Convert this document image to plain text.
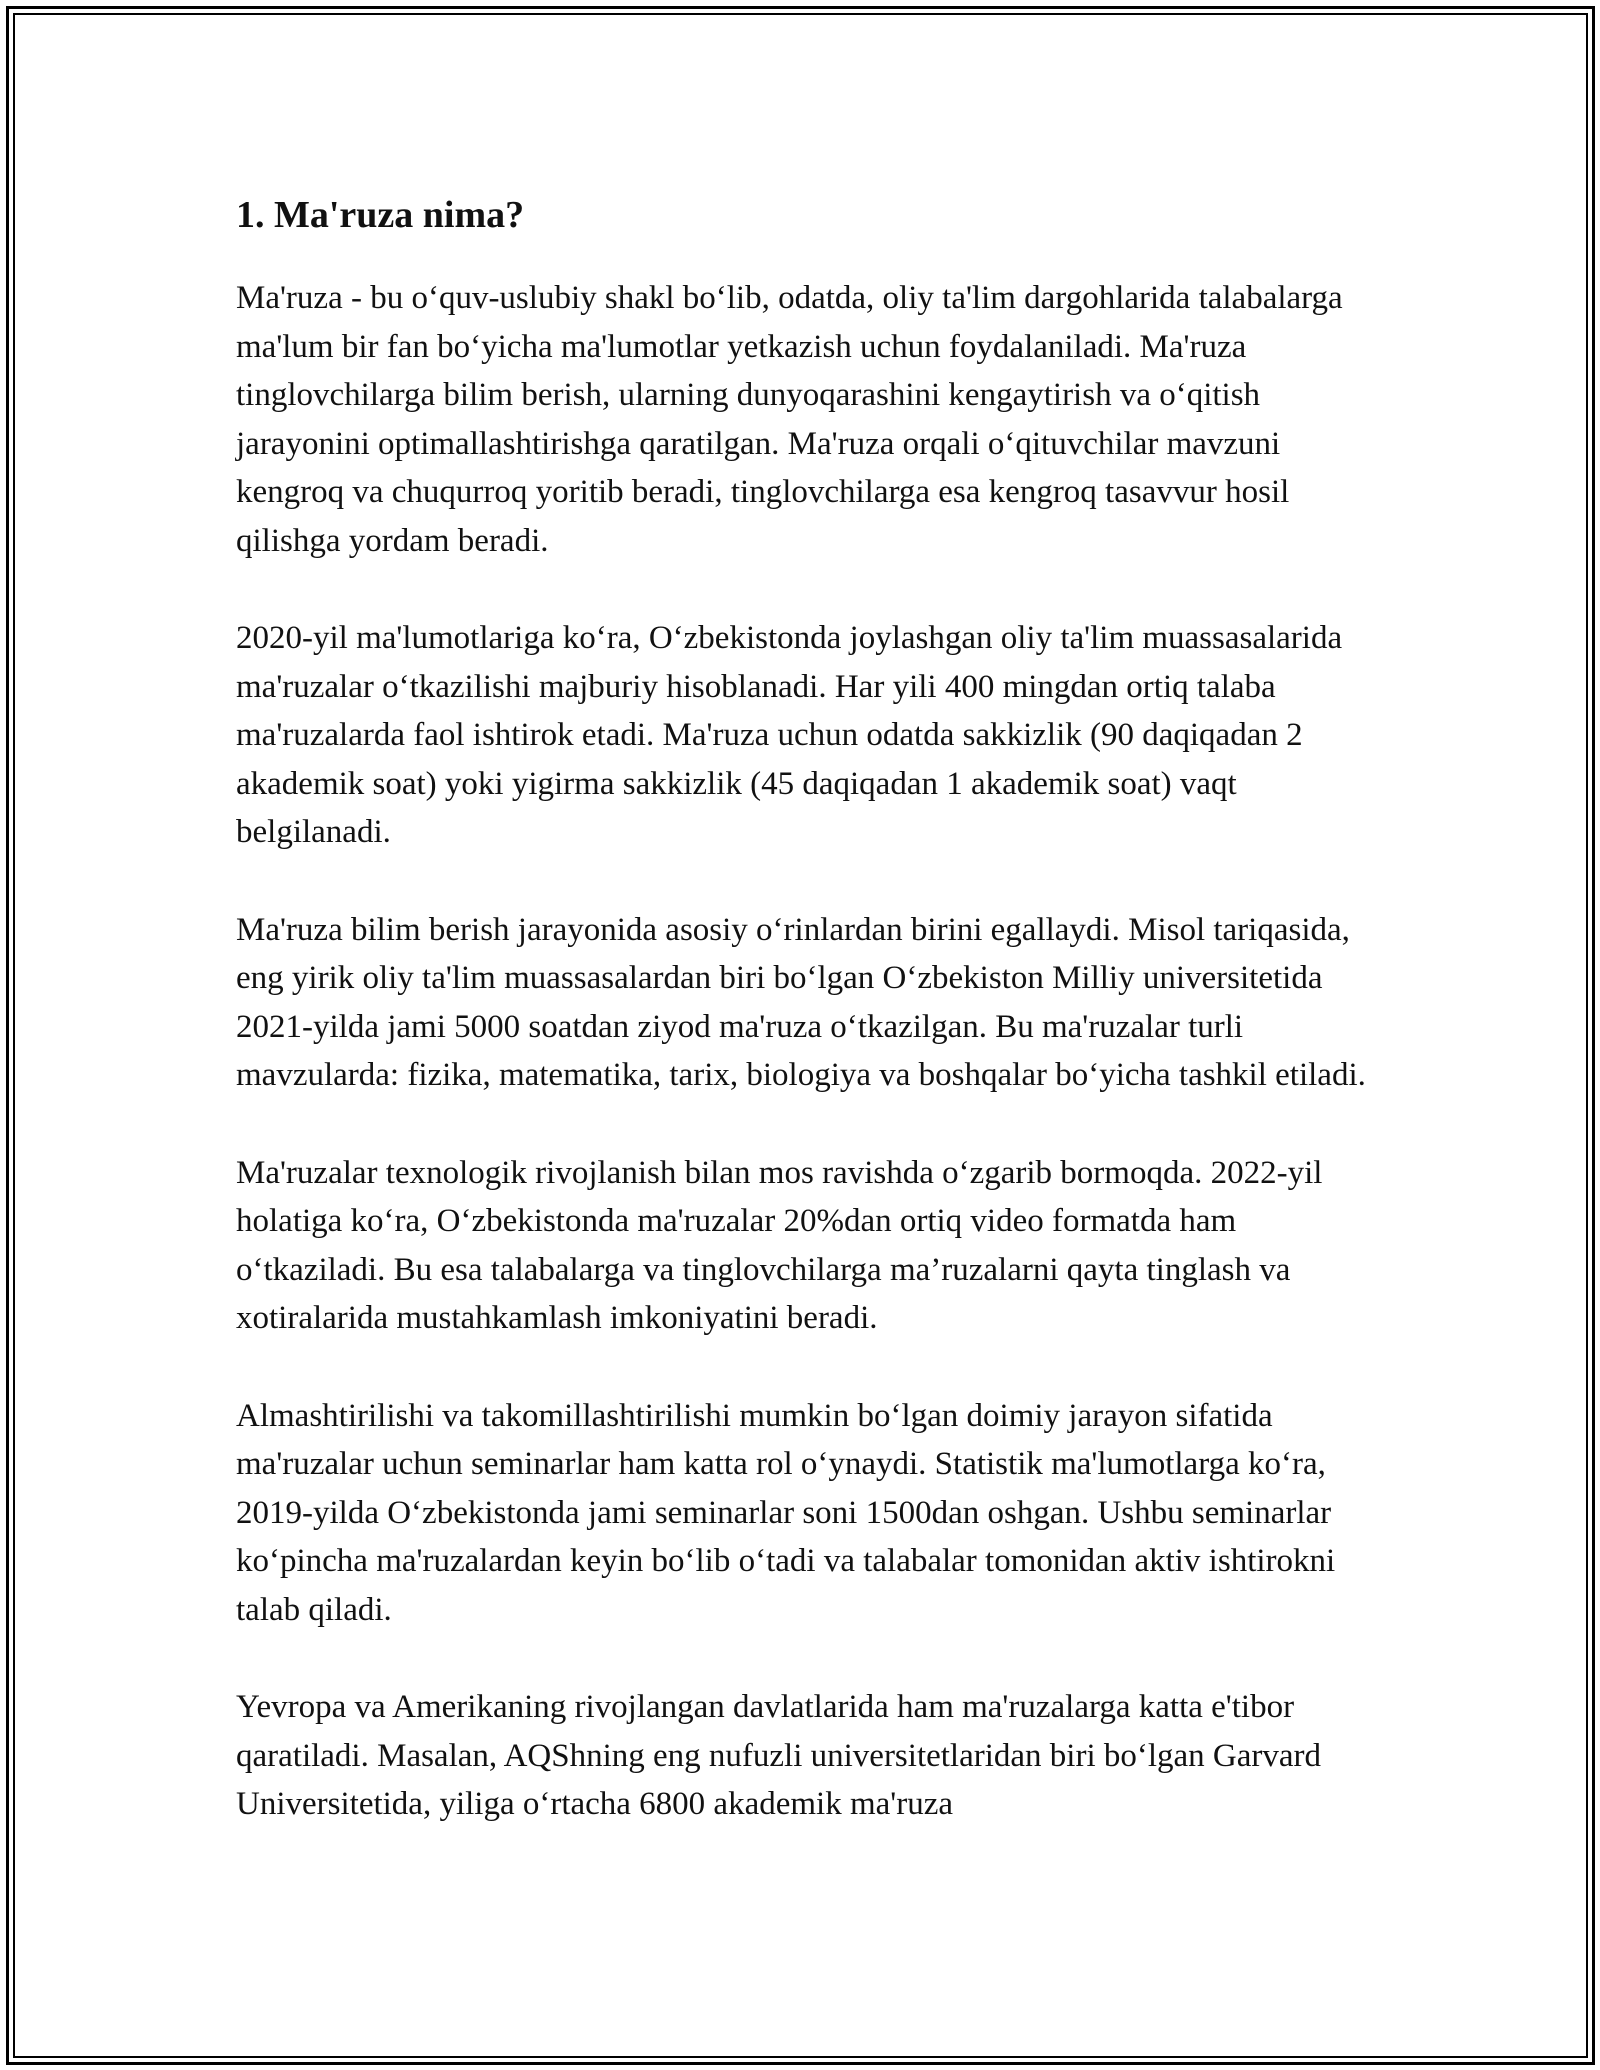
1. Ma'ruza nima?

Ma'ruza - bu o‘quv-uslubiy shakl bo‘lib, odatda, oliy ta'lim dargohlarida talabalarga ma'lum bir fan bo‘yicha ma'lumotlar yetkazish uchun foydalaniladi. Ma'ruza tinglovchilarga bilim berish, ularning dunyoqarashini kengaytirish va o‘qitish jarayonini optimallashtirishga qaratilgan. Ma'ruza orqali o‘qituvchilar mavzuni kengroq va chuqurroq yoritib beradi, tinglovchilarga esa kengroq tasavvur hosil qilishga yordam beradi.

2020-yil ma'lumotlariga ko‘ra, O‘zbekistonda joylashgan oliy ta'lim muassasalarida ma'ruzalar o‘tkazilishi majburiy hisoblanadi. Har yili 400 mingdan ortiq talaba ma'ruzalarda faol ishtirok etadi. Ma'ruza uchun odatda sakkizlik (90 daqiqadan 2 akademik soat) yoki yigirma sakkizlik (45 daqiqadan 1 akademik soat) vaqt belgilanadi.

Ma'ruza bilim berish jarayonida asosiy o‘rinlardan birini egallaydi. Misol tariqasida, eng yirik oliy ta'lim muassasalardan biri bo‘lgan O‘zbekiston Milliy universitetida 2021-yilda jami 5000 soatdan ziyod ma'ruza o‘tkazilgan. Bu ma'ruzalar turli mavzularda: fizika, matematika, tarix, biologiya va boshqalar bo‘yicha tashkil etiladi.

Ma'ruzalar texnologik rivojlanish bilan mos ravishda o‘zgarib bormoqda. 2022-yil holatiga ko‘ra, O‘zbekistonda ma'ruzalar 20%dan ortiq video formatda ham o‘tkaziladi. Bu esa talabalarga va tinglovchilarga ma’ruzalarni qayta tinglash va xotiralarida mustahkamlash imkoniyatini beradi.

Almashtirilishi va takomillashtirilishi mumkin bo‘lgan doimiy jarayon sifatida ma'ruzalar uchun seminarlar ham katta rol o‘ynaydi. Statistik ma'lumotlarga ko‘ra, 2019-yilda O‘zbekistonda jami seminarlar soni 1500dan oshgan. Ushbu seminarlar ko‘pincha ma'ruzalardan keyin bo‘lib o‘tadi va talabalar tomonidan aktiv ishtirokni talab qiladi.

Yevropa va Amerikaning rivojlangan davlatlarida ham ma'ruzalarga katta e'tibor qaratiladi. Masalan, AQShning eng nufuzli universitetlaridan biri bo‘lgan Garvard Universitetida, yiliga o‘rtacha 6800 akademik ma'ruza
